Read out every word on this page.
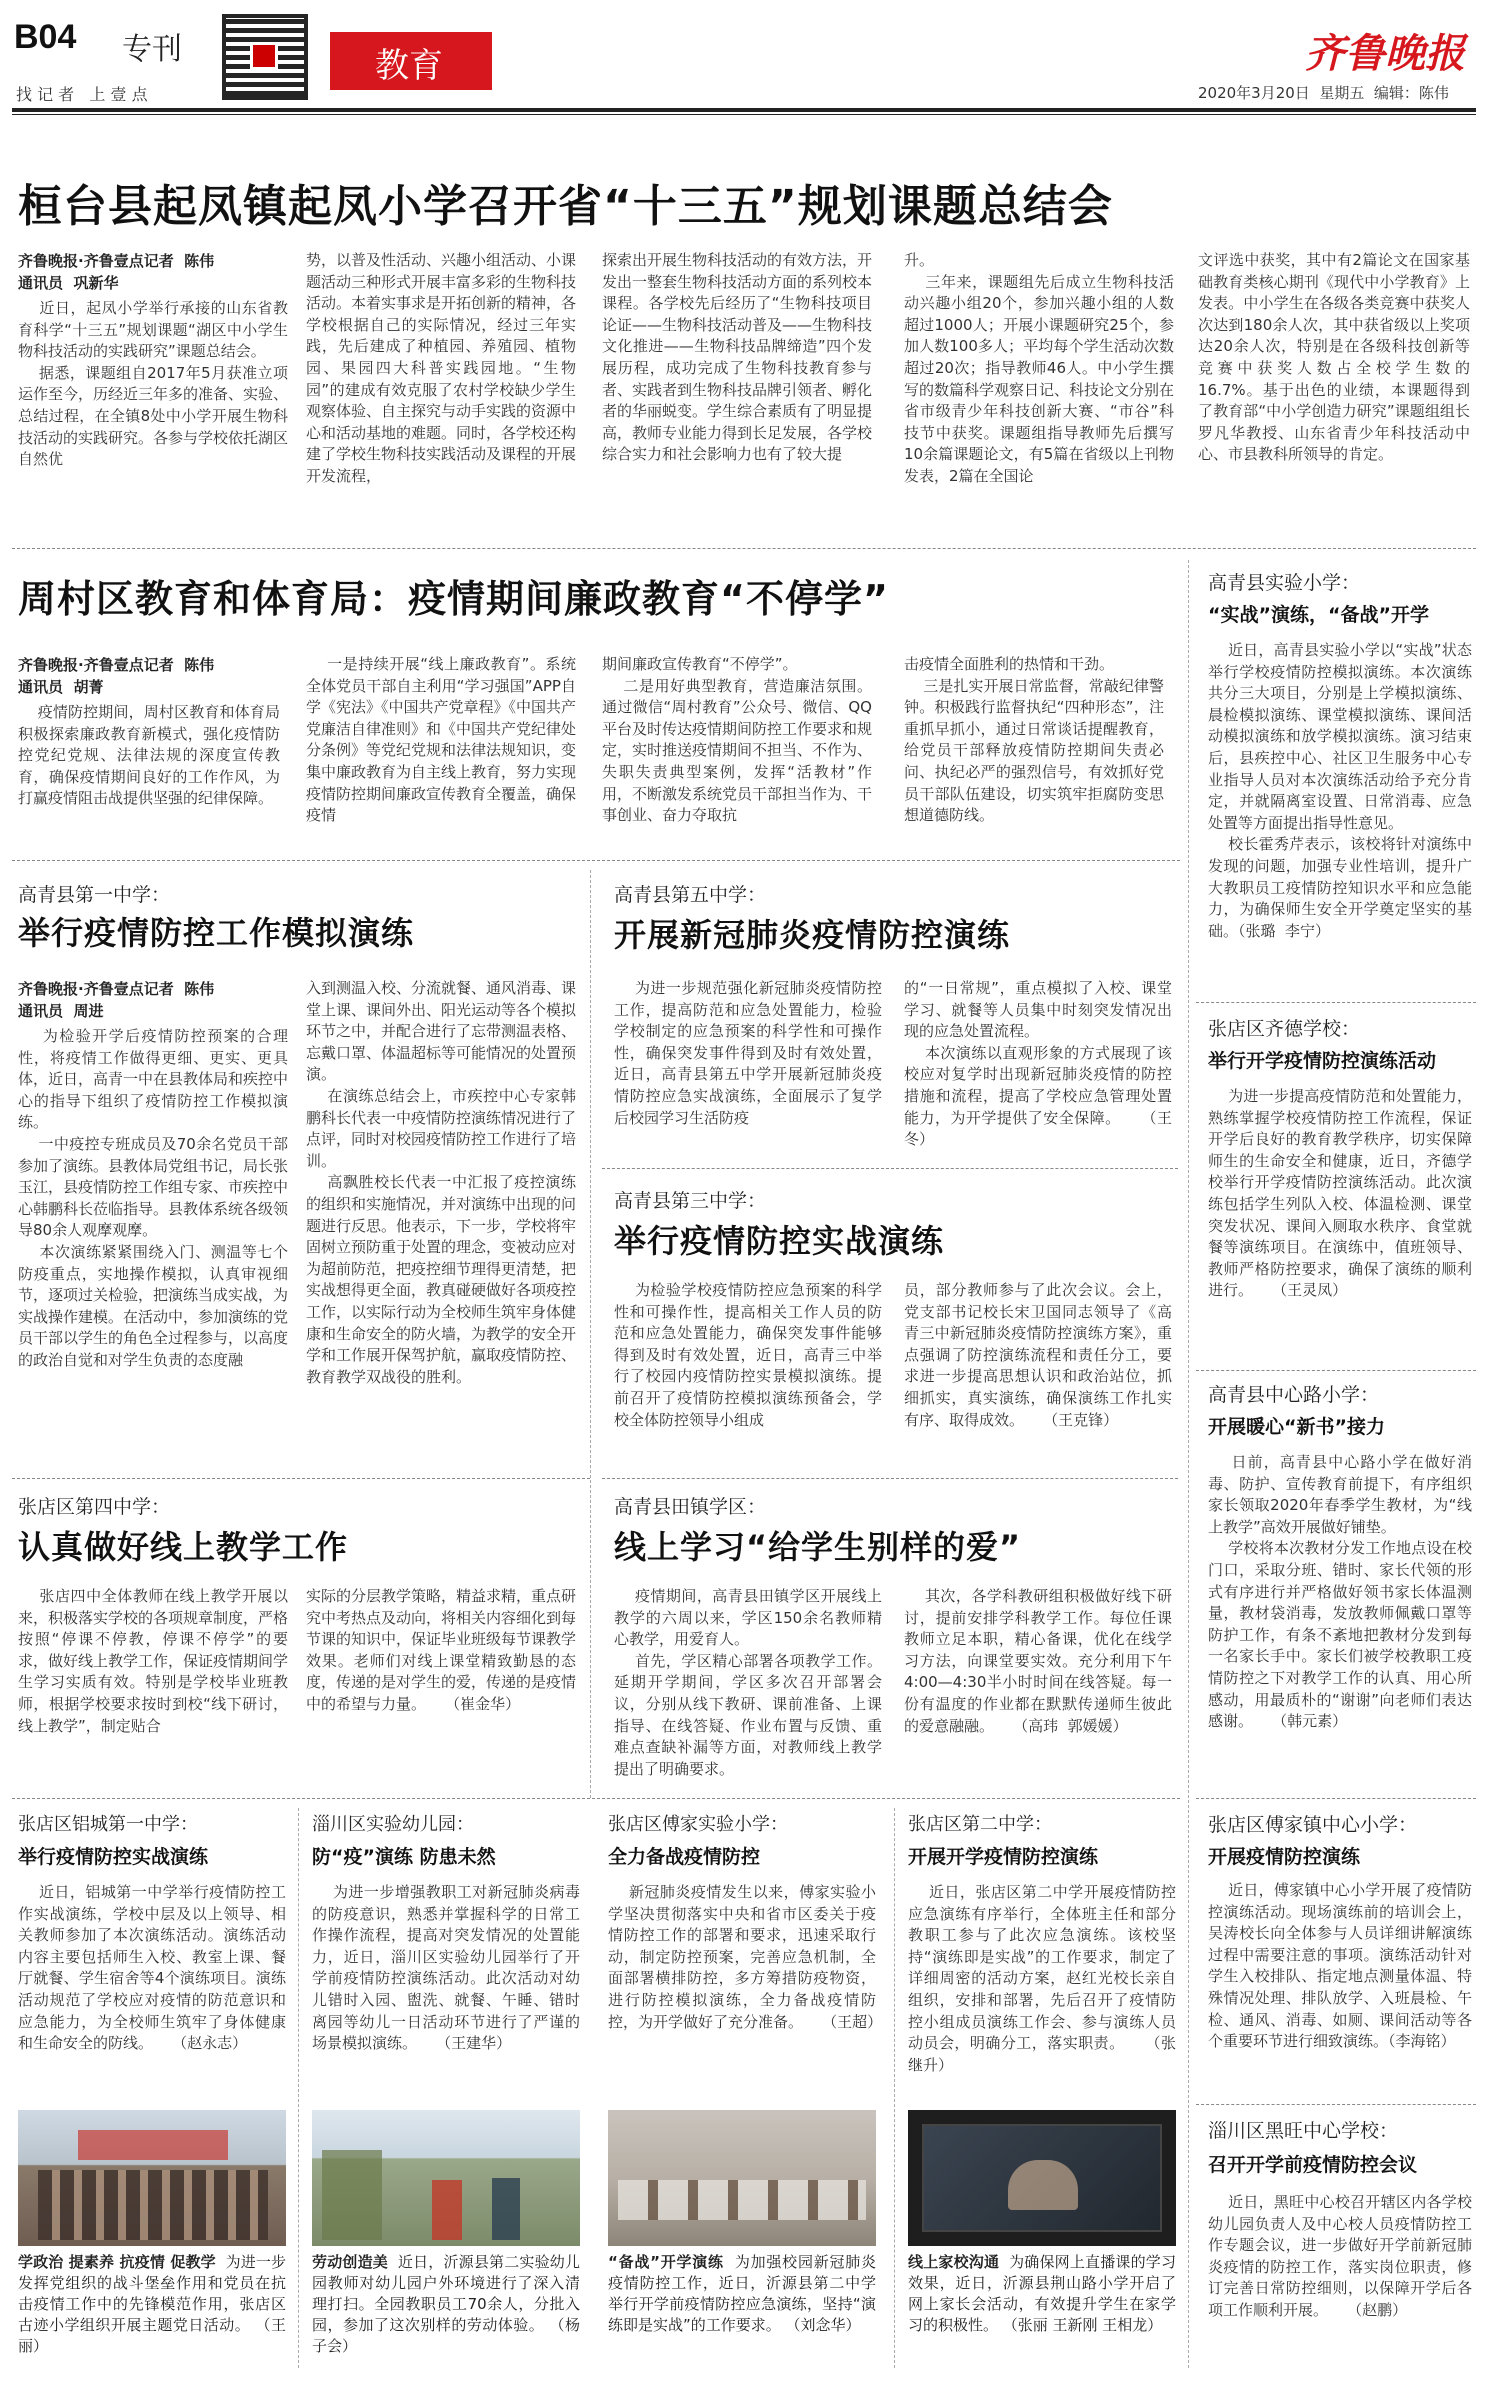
B04 专刊
找 记 者   上 壹 点
教育	齐鲁晚报
2020年3月20日  星期五  编辑：陈伟
桓台县起凤镇起凤小学召开省“十三五”规划课题总结会
齐鲁晚报·齐鲁壹点记者  陈伟
通讯员  巩新华
近日，起凤小学举行承接的山东省教育科学“十三五”规划课题“湖区中小学生物科技活动的实践研究”课题总结会。
据悉，课题组自2017年5月获准立项运作至今，历经近三年多的准备、实验、总结过程，在全镇8处中小学开展生物科技活动的实践研究。各参与学校依托湖区自然优
势，以普及性活动、兴趣小组活动、小课题活动三种形式开展丰富多彩的生物科技活动。本着实事求是开拓创新的精神，各学校根据自己的实际情况，经过三年实践，先后建成了种植园、养殖园、植物园、果园四大科普实践园地。“生物园”的建成有效克服了农村学校缺少学生观察体验、自主探究与动手实践的资源中心和活动基地的难题。同时，各学校还构建了学校生物科技实践活动及课程的开展开发流程，
探索出开展生物科技活动的有效方法，开发出一整套生物科技活动方面的系列校本课程。各学校先后经历了“生物科技项目论证——生物科技活动普及——生物科技文化推进——生物科技品牌缔造”四个发展历程，成功完成了生物科技教育参与者、实践者到生物科技品牌引领者、孵化者的华丽蜕变。学生综合素质有了明显提高，教师专业能力得到长足发展，各学校综合实力和社会影响力也有了较大提
升。
三年来，课题组先后成立生物科技活动兴趣小组20个，参加兴趣小组的人数超过1000人；开展小课题研究25个，参加人数100多人；平均每个学生活动次数超过20次；指导教师46人。中小学生撰写的数篇科学观察日记、科技论文分别在省市级青少年科技创新大赛、“市谷”科技节中获奖。课题组指导教师先后撰写10余篇课题论文，有5篇在省级以上刊物发表，2篇在全国论
文评选中获奖，其中有2篇论文在国家基础教育类核心期刊《现代中小学教育》上发表。中小学生在各级各类竞赛中获奖人次达到180余人次，其中获省级以上奖项达20余人次，特别是在各级科技创新等竞赛中获奖人数占全校学生数的16.7%。基于出色的业绩，本课题得到了教育部“中小学创造力研究”课题组组长罗凡华教授、山东省青少年科技活动中心、市县教科所领导的肯定。
周村区教育和体育局：疫情期间廉政教育“不停学”
齐鲁晚报·齐鲁壹点记者  陈伟
通讯员  胡菁
疫情防控期间，周村区教育和体育局积极探索廉政教育新模式，强化疫情防控党纪党规、法律法规的深度宣传教育，确保疫情期间良好的工作作风，为打赢疫情阻击战提供坚强的纪律保障。
一是持续开展“线上廉政教育”。系统全体党员干部自主利用“学习强国”APP自学《宪法》《中国共产党章程》《中国共产党廉洁自律准则》和《中国共产党纪律处分条例》等党纪党规和法律法规知识，变集中廉政教育为自主线上教育，努力实现疫情防控期间廉政宣传教育全覆盖，确保疫情
期间廉政宣传教育“不停学”。
二是用好典型教育，营造廉洁氛围。通过微信“周村教育”公众号、微信、QQ平台及时传达疫情期间防控工作要求和规定，实时推送疫情期间不担当、不作为、失职失责典型案例，发挥“活教材”作用，不断激发系统党员干部担当作为、干事创业、奋力夺取抗
击疫情全面胜利的热情和干劲。
三是扎实开展日常监督，常敲纪律警钟。积极践行监督执纪“四种形态”，注重抓早抓小，通过日常谈话提醒教育，给党员干部释放疫情防控期间失责必问、执纪必严的强烈信号，有效抓好党员干部队伍建设，切实筑牢拒腐防变思想道德防线。
高青县第一中学：
举行疫情防控工作模拟演练
齐鲁晚报·齐鲁壹点记者  陈伟
通讯员  周进
为检验开学后疫情防控预案的合理性，将疫情工作做得更细、更实、更具体，近日，高青一中在县教体局和疾控中心的指导下组织了疫情防控工作模拟演练。
一中疫控专班成员及70余名党员干部参加了演练。县教体局党组书记，局长张玉江，县疫情防控工作组专家、市疾控中心韩鹏科长莅临指导。县教体系统各级领导80余人观摩观摩。
本次演练紧紧围绕入门、测温等七个防疫重点，实地操作模拟，认真审视细节，逐项过关检验，把演练当成实战，为实战操作建模。在活动中，参加演练的党员干部以学生的角色全过程参与，以高度的政治自觉和对学生负责的态度融
入到测温入校、分流就餐、通风消毒、课堂上课、课间外出、阳光运动等各个模拟环节之中，并配合进行了忘带测温表格、忘戴口罩、体温超标等可能情况的处置预演。
在演练总结会上，市疾控中心专家韩鹏科长代表一中疫情防控演练情况进行了点评，同时对校园疫情防控工作进行了培训。
高飘胜校长代表一中汇报了疫控演练的组织和实施情况，并对演练中出现的问题进行反思。他表示，下一步，学校将牢固树立预防重于处置的理念，变被动应对为超前防范，把疫控细节理得更清楚，把实战想得更全面，教真碰硬做好各项疫控工作，以实际行动为全校师生筑牢身体健康和生命安全的防火墙，为教学的安全开学和工作展开保驾护航，赢取疫情防控、教育教学双战役的胜利。
高青县第五中学：
开展新冠肺炎疫情防控演练
为进一步规范强化新冠肺炎疫情防控工作，提高防范和应急处置能力，检验学校制定的应急预案的科学性和可操作性，确保突发事件得到及时有效处置，近日，高青县第五中学开展新冠肺炎疫情防控应急实战演练，全面展示了复学后校园学习生活防疫
的“一日常规”，重点模拟了入校、课堂学习、就餐等人员集中时刻突发情况出现的应急处置流程。
本次演练以直观形象的方式展现了该校应对复学时出现新冠肺炎疫情的防控措施和流程，提高了学校应急管理处置能力，为开学提供了安全保障。    （王冬）
高青县第三中学：
举行疫情防控实战演练
为检验学校疫情防控应急预案的科学性和可操作性，提高相关工作人员的防范和应急处置能力，确保突发事件能够得到及时有效处置，近日，高青三中举行了校园内疫情防控实景模拟演练。提前召开了疫情防控模拟演练预备会，学校全体防控领导小组成
员，部分教师参与了此次会议。会上，党支部书记校长宋卫国同志领导了《高青三中新冠肺炎疫情防控演练方案》，重点强调了防控演练流程和责任分工，要求进一步提高思想认识和政治站位，抓细抓实，真实演练，确保演练工作扎实有序、取得成效。    （王克锋）
张店区第四中学：
认真做好线上教学工作
张店四中全体教师在线上教学开展以来，积极落实学校的各项规章制度，严格按照“停课不停教，停课不停学”的要求，做好线上教学工作，保证疫情期间学生学习实质有效。特别是学校毕业班教师，根据学校要求按时到校“线下研讨，线上教学”，制定贴合
实际的分层教学策略，精益求精，重点研究中考热点及动向，将相关内容细化到每节课的知识中，保证毕业班级每节课教学效果。老师们对线上课堂精致勤恳的态度，传递的是对学生的爱，传递的是疫情中的希望与力量。    （崔金华）
高青县田镇学区：
线上学习“给学生别样的爱”
疫情期间，高青县田镇学区开展线上教学的六周以来，学区150余名教师精心教学，用爱育人。
首先，学区精心部署各项教学工作。延期开学期间，学区多次召开部署会议，分别从线下教研、课前准备、上课指导、在线答疑、作业布置与反馈、重难点查缺补漏等方面，对教师线上教学提出了明确要求。
其次，各学科教研组积极做好线下研讨，提前安排学科教学工作。每位任课教师立足本职，精心备课，优化在线学习方法，向课堂要实效。充分利用下午4:00—4:30半小时时间在线答疑。每一份有温度的作业都在默默传递师生彼此的爱意融融。    （高玮  郭媛媛）
高青县实验小学：
“实战”演练，“备战”开学
近日，高青县实验小学以“实战”状态举行学校疫情防控模拟演练。本次演练共分三大项目，分别是上学模拟演练、晨检模拟演练、课堂模拟演练、课间活动模拟演练和放学模拟演练。演习结束后，县疾控中心、社区卫生服务中心专业指导人员对本次演练活动给予充分肯定，并就隔离室设置、日常消毒、应急处置等方面提出指导性意见。
校长霍秀芹表示，该校将针对演练中发现的问题，加强专业性培训，提升广大教职员工疫情防控知识水平和应急能力，为确保师生安全开学奠定坚实的基础。（张璐  李宁）
张店区齐德学校：
举行开学疫情防控演练活动
为进一步提高疫情防范和处置能力，熟练掌握学校疫情防控工作流程，保证开学后良好的教育教学秩序，切实保障师生的生命安全和健康，近日，齐德学校举行开学疫情防控演练活动。此次演练包括学生列队入校、体温检测、课堂突发状况、课间入厕取水秩序、食堂就餐等演练项目。在演练中，值班领导、教师严格防控要求，确保了演练的顺利进行。    （王灵凤）
高青县中心路小学：
开展暖心“新书”接力
日前，高青县中心路小学在做好消毒、防护、宣传教育前提下，有序组织家长领取2020年春季学生教材，为“线上教学”高效开展做好铺垫。
学校将本次教材分发工作地点设在校门口，采取分班、错时、家长代领的形式有序进行并严格做好领书家长体温测量，教材袋消毒，发放教师佩戴口罩等防护工作，有条不紊地把教材分发到每一名家长手中。家长们被学校教职工疫情防控之下对教学工作的认真、用心所感动，用最质朴的“谢谢”向老师们表达感谢。    （韩元素）
张店区傅家镇中心小学：
开展疫情防控演练
近日，傅家镇中心小学开展了疫情防控演练活动。现场演练前的培训会上，吴涛校长向全体参与人员详细讲解演练过程中需要注意的事项。演练活动针对学生入校排队、指定地点测量体温、特殊情况处理、排队放学、入班晨检、午检、通风、消毒、如厕、课间活动等各个重要环节进行细致演练。（李海铭）
淄川区黑旺中心学校：
召开开学前疫情防控会议
近日，黑旺中心校召开辖区内各学校幼儿园负责人及中心校人员疫情防控工作专题会议，进一步做好开学前新冠肺炎疫情的防控工作，落实岗位职责，修订完善日常防控细则，以保障开学后各项工作顺利开展。    （赵鹏）
张店区铝城第一中学：
举行疫情防控实战演练
近日，铝城第一中学举行疫情防控工作实战演练，学校中层及以上领导、相关教师参加了本次演练活动。演练活动内容主要包括师生入校、教室上课、餐厅就餐、学生宿舍等4个演练项目。演练活动规范了学校应对疫情的防范意识和应急能力，为全校师生筑牢了身体健康和生命安全的防线。    （赵永志）
学政治 提素养 抗疫情 促教学 为进一步发挥党组织的战斗堡垒作用和党员在抗击疫情工作中的先锋模范作用，张店区古迹小学组织开展主题党日活动。 （王丽）
淄川区实验幼儿园：
防“疫”演练 防患未然
为进一步增强教职工对新冠肺炎病毒的防疫意识，熟悉并掌握科学的日常工作操作流程，提高对突发情况的处置能力，近日，淄川区实验幼儿园举行了开学前疫情防控演练活动。此次活动对幼儿错时入园、盥洗、就餐、午睡、错时离园等幼儿一日活动环节进行了严谨的场景模拟演练。    （王建华）
劳动创造美 近日，沂源县第二实验幼儿园教师对幼儿园户外环境进行了深入清理打扫。全园教职员工70余人，分批入园，参加了这次别样的劳动体验。 （杨子会）
张店区傅家实验小学：
全力备战疫情防控
新冠肺炎疫情发生以来，傅家实验小学坚决贯彻落实中央和省市区委关于疫情防控工作的部署和要求，迅速采取行动，制定防控预案，完善应急机制，全面部署横排防控，多方筹措防疫物资，进行防控模拟演练，全力备战疫情防控，为开学做好了充分准备。    （王超）
“备战”开学演练 为加强校园新冠肺炎疫情防控工作，近日，沂源县第二中学举行开学前疫情防控应急演练，坚持“演练即是实战”的工作要求。 （刘念华）
张店区第二中学：
开展开学疫情防控演练
近日，张店区第二中学开展疫情防控应急演练有序举行，全体班主任和部分教职工参与了此次应急演练。该校坚持“演练即是实战”的工作要求，制定了详细周密的活动方案，赵红光校长亲自组织，安排和部署，先后召开了疫情防控小组成员演练工作会、参与演练人员动员会，明确分工，落实职责。    （张继升）
线上家校沟通 为确保网上直播课的学习效果，近日，沂源县荆山路小学开启了网上家长会活动，有效提升学生在家学习的积极性。 （张丽 王新刚 王相龙）
